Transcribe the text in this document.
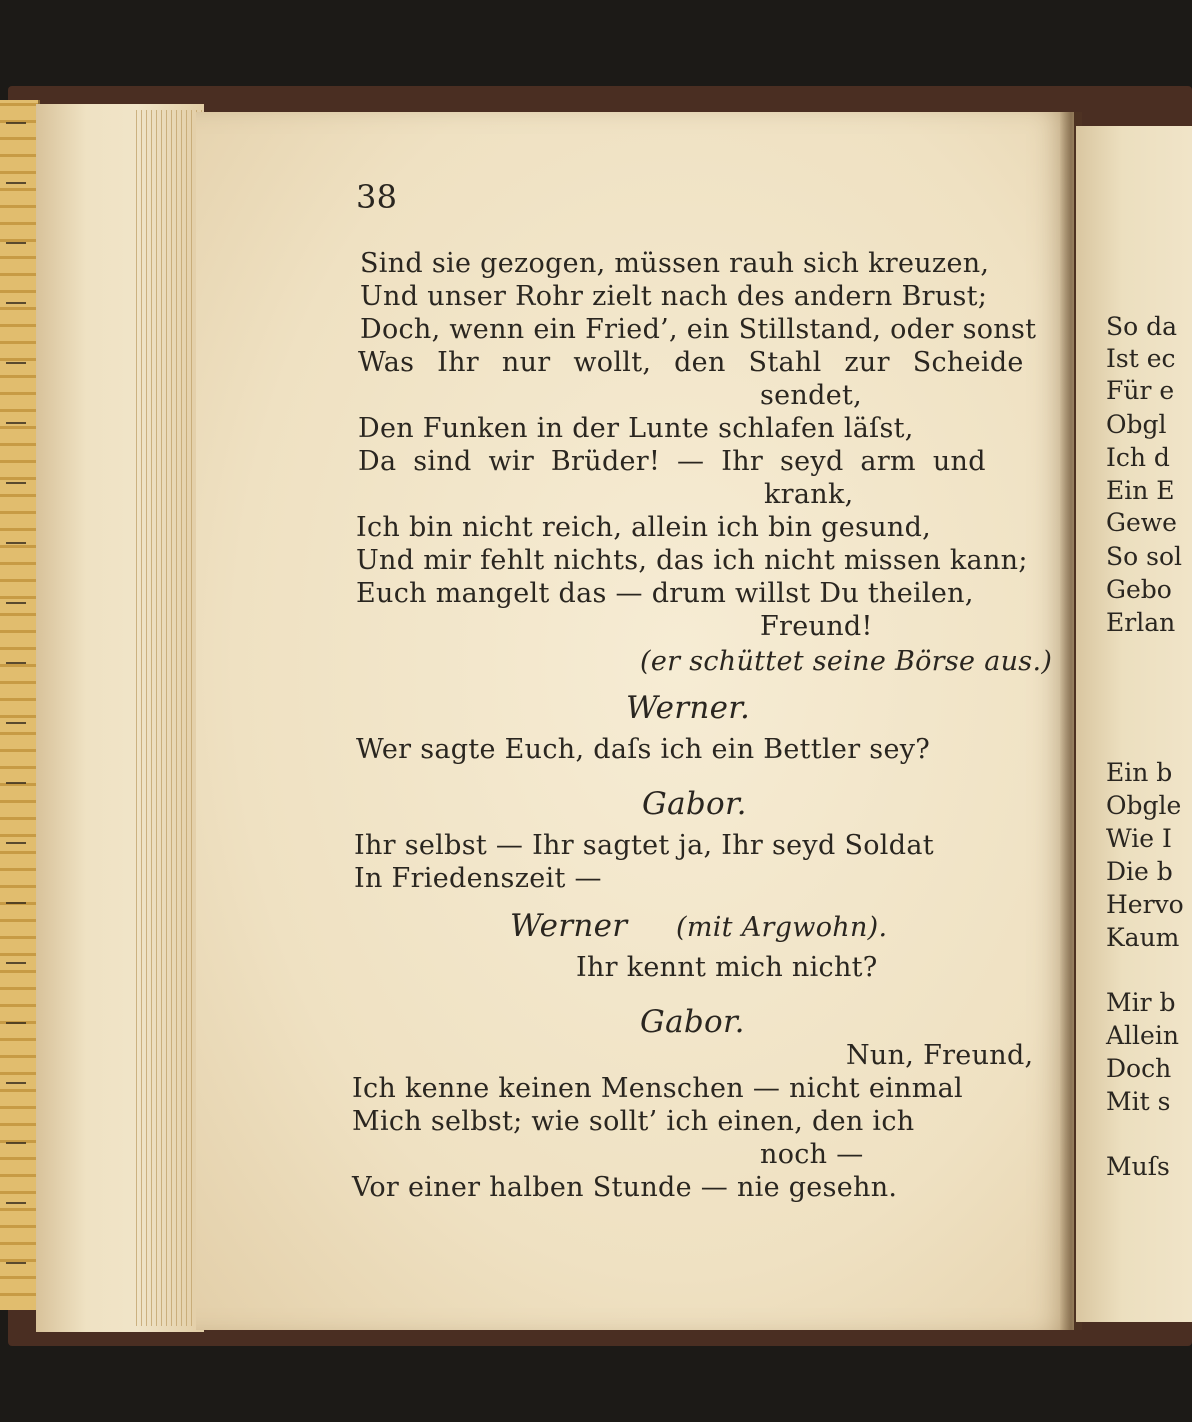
38
Sind sie gezogen, müssen rauh sich kreuzen,
Und unser Rohr zielt nach des andern Brust;
Doch, wenn ein Fried’, ein Stillstand, oder sonst
Was Ihr nur wollt, den Stahl zur Scheide
sendet,
Den Funken in der Lunte schlafen läſst,
Da sind wir Brüder! — Ihr seyd arm und
krank,
Ich bin nicht reich, allein ich bin gesund,
Und mir fehlt nichts, das ich nicht missen kann;
Euch mangelt das — drum willst Du theilen,
Freund!
(er schüttet seine Börse aus.)
Werner.
Wer sagte Euch, daſs ich ein Bettler sey?
Gabor.
Ihr selbst — Ihr sagtet ja, Ihr seyd Soldat
In Friedenszeit —
Werner (mit Argwohn).
Ihr kennt mich nicht?
Gabor.
Nun, Freund,
Ich kenne keinen Menschen — nicht einmal
Mich selbst; wie sollt’ ich einen, den ich
noch —
Vor einer halben Stunde — nie gesehn.
So da
Ist ec
Für e
Obgl
Ich d
Ein E
Gewe
So sol
Gebo
Erlan
Ein b
Obgle
Wie I
Die b
Hervo
Kaum
Mir b
Allein
Doch
Mit s
Muſs
